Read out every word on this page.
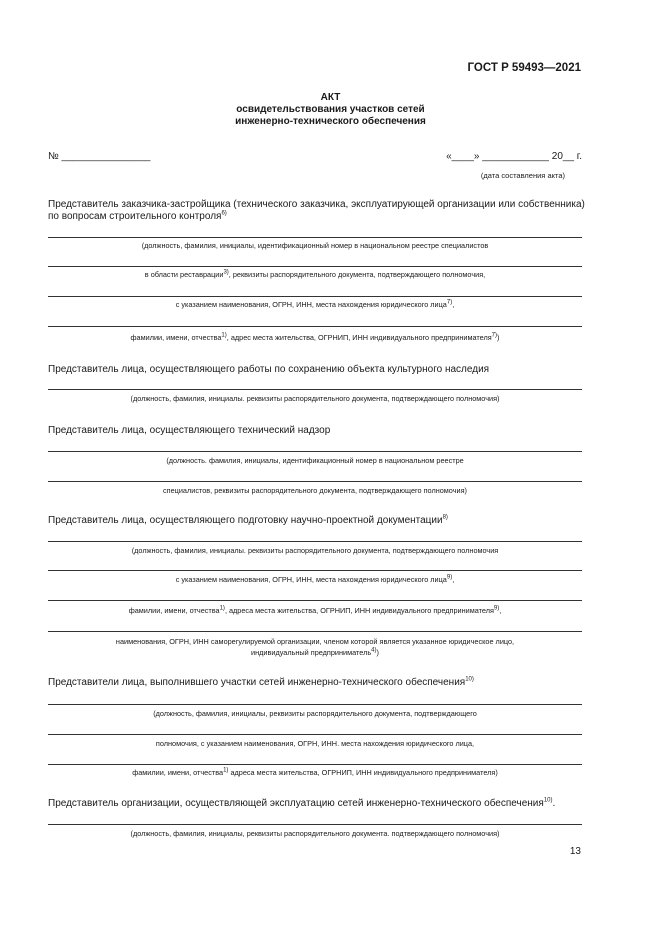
ГОСТ Р 59493—2021
АКТ
освидетельствования участков сетей
инженерно-технического обеспечения
№ ________________	«____» ____________ 20__ г.
(дата составления акта)
Представитель заказчика-застройщика (технического заказчика, эксплуатирующей организации или собственника)
по вопросам строительного контроля$^{6)}$
(должность, фамилия, инициалы, идентификационный номер в национальном реестре специалистов
в области реставрации$^{3)}$, реквизиты распорядительного документа, подтверждающего полномочия,
с указанием наименования, ОГРН, ИНН, места нахождения юридического лица$^{7)}$,
фамилии, имени, отчества$^{1)}$, адрес места жительства, ОГРНИП, ИНН индивидуального предпринимателя$^{7)}$)
Представитель лица, осуществляющего работы по сохранению объекта культурного наследия
(должность, фамилия, инициалы. реквизиты распорядительного документа, подтверждающего полномочия)
Представитель лица, осуществляющего технический надзор
(должность. фамилия, инициалы, идентификационный номер в национальном реестре
специалистов, реквизиты распорядительного документа, подтверждающего полномочия)
Представитель лица, осуществляющего подготовку научно-проектной документации$^{8)}$
(должность, фамилия, инициалы. реквизиты распорядительного документа, подтверждающего полномочия
с указанием наименования, ОГРН, ИНН, места нахождения юридического лица$^{9)}$,
фамилии, имени, отчества$^{1)}$, адреса места жительства, ОГРНИП, ИНН индивидуального предпринимателя$^{9)}$,
наименования, ОГРН, ИНН саморегулируемой организации, членом которой является указанное юридическое лицо,
индивидуальный предприниматель$^{4)}$)
Представители лица, выполнившего участки сетей инженерно-технического обеспечения$^{10)}$
(должность, фамилия, инициалы, реквизиты распорядительного документа, подтверждающего
полномочия, с указанием наименования, ОГРН, ИНН. места нахождения юридического лица,
фамилии, имени, отчества$^{1)}$ адреса места жительства, ОГРНИП, ИНН индивидуального предпринимателя)
Представитель организации, осуществляющей эксплуатацию сетей инженерно-технического обеспечения$^{10)}$.
(должность, фамилия, инициалы, реквизиты распорядительного документа. подтверждающего полномочия)
13
